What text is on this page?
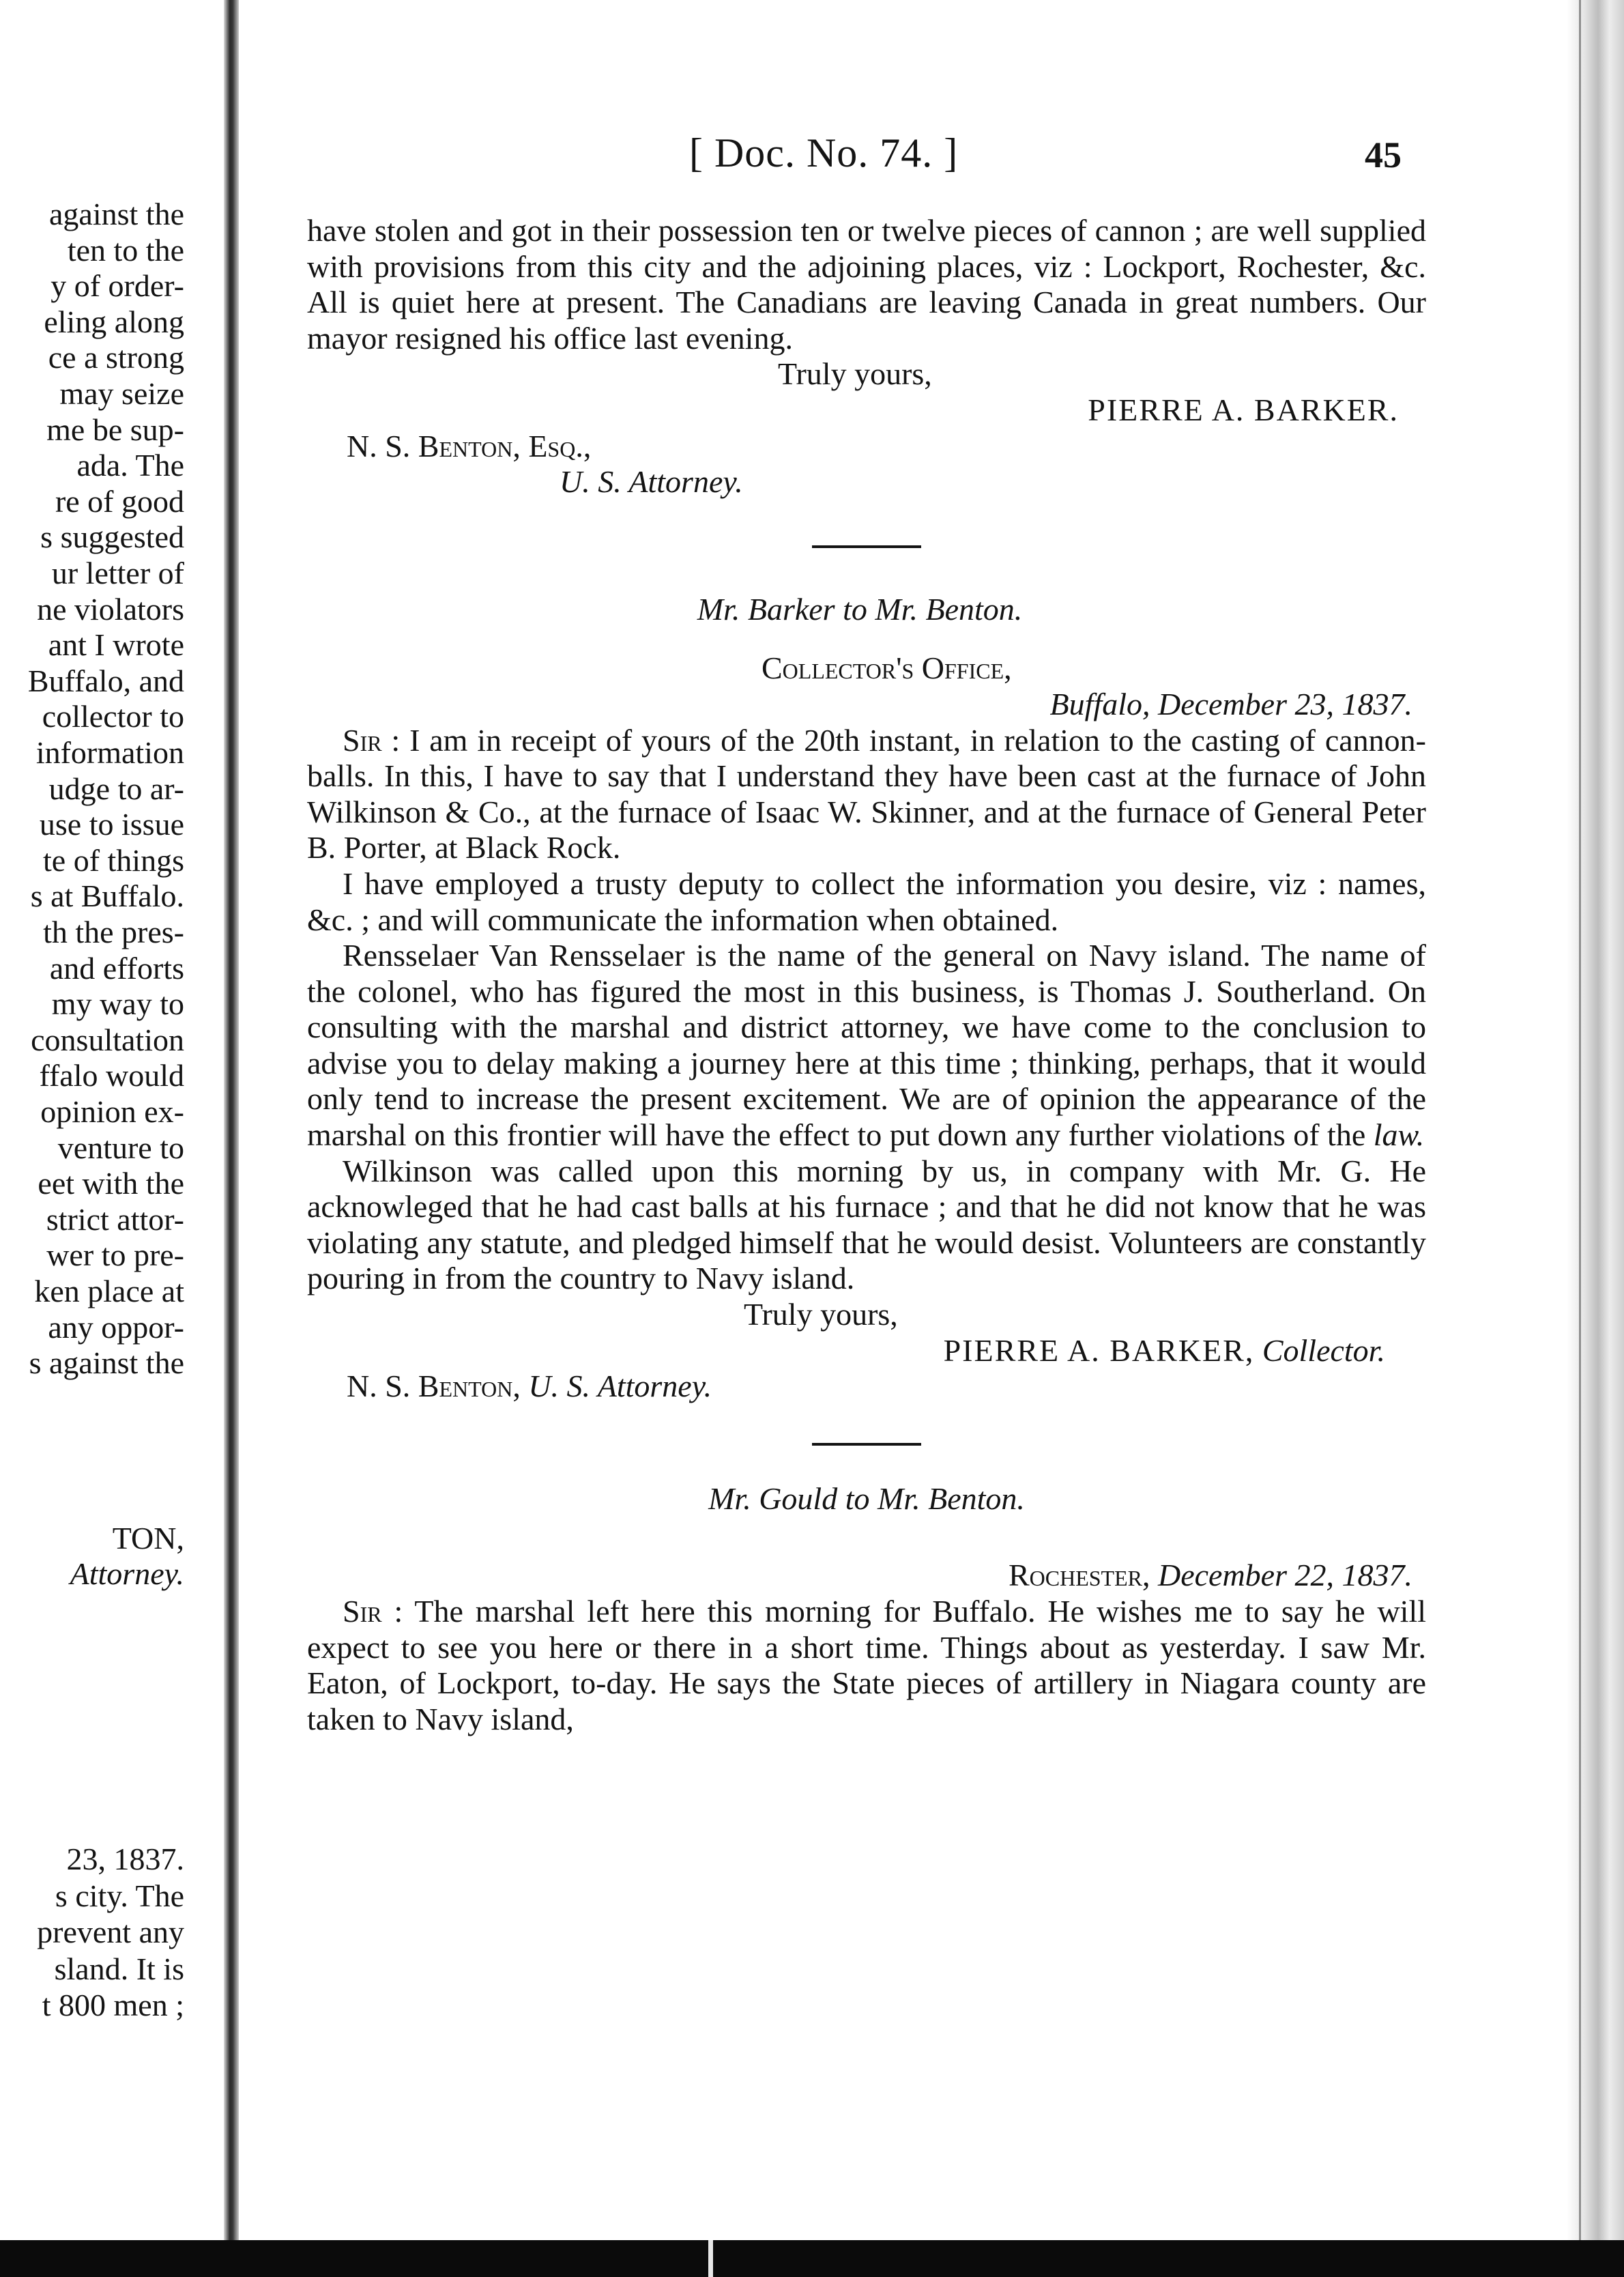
against the
ten to the
y of order-
eling along
ce a strong
may seize
me be sup-
ada. The
re of good
s suggested
ur letter of
ne violators
ant I wrote
Buffalo, and
collector to
information
udge to ar-
use to issue
te of things
s at Buffalo.
th the pres-
and efforts
my way to
consultation
ffalo would
opinion ex-
venture to
eet with the
strict attor-
wer to pre-
ken place at
any oppor-
s against the
TON,
Attorney.
23, 1837.
s city. The
prevent any
sland. It is
t 800 men ;
[ Doc. No. 74. ]	45

have stolen and got in their possession ten or twelve pieces of cannon ; are well supplied with provisions from this city and the adjoining places, viz : Lockport, Rochester, &c. All is quiet here at present. The Canadians are leaving Canada in great numbers. Our mayor resigned his office last evening.

Truly yours,

PIERRE A. BARKER.

N. S. Benton, Esq.,

U. S. Attorney.

Mr. Barker to Mr. Benton.

Collector's Office,

Buffalo, December 23, 1837.

Sir : I am in receipt of yours of the 20th instant, in relation to the casting of cannon-balls. In this, I have to say that I understand they have been cast at the furnace of John Wilkinson & Co., at the furnace of Isaac W. Skinner, and at the furnace of General Peter B. Porter, at Black Rock.

I have employed a trusty deputy to collect the information you desire, viz : names, &c. ; and will communicate the information when obtained.

Rensselaer Van Rensselaer is the name of the general on Navy island. The name of the colonel, who has figured the most in this business, is Thomas J. Southerland. On consulting with the marshal and district attorney, we have come to the conclusion to advise you to delay making a journey here at this time ; thinking, perhaps, that it would only tend to increase the present excitement. We are of opinion the appearance of the marshal on this frontier will have the effect to put down any further violations of the law.

Wilkinson was called upon this morning by us, in company with Mr. G. He acknowleged that he had cast balls at his furnace ; and that he did not know that he was violating any statute, and pledged himself that he would desist. Volunteers are constantly pouring in from the country to Navy island.

Truly yours,

PIERRE A. BARKER, Collector.

N. S. Benton, U. S. Attorney.

Mr. Gould to Mr. Benton.

Rochester, December 22, 1837.

Sir : The marshal left here this morning for Buffalo. He wishes me to say he will expect to see you here or there in a short time. Things about as yesterday. I saw Mr. Eaton, of Lockport, to-day. He says the State pieces of artillery in Niagara county are taken to Navy island,
